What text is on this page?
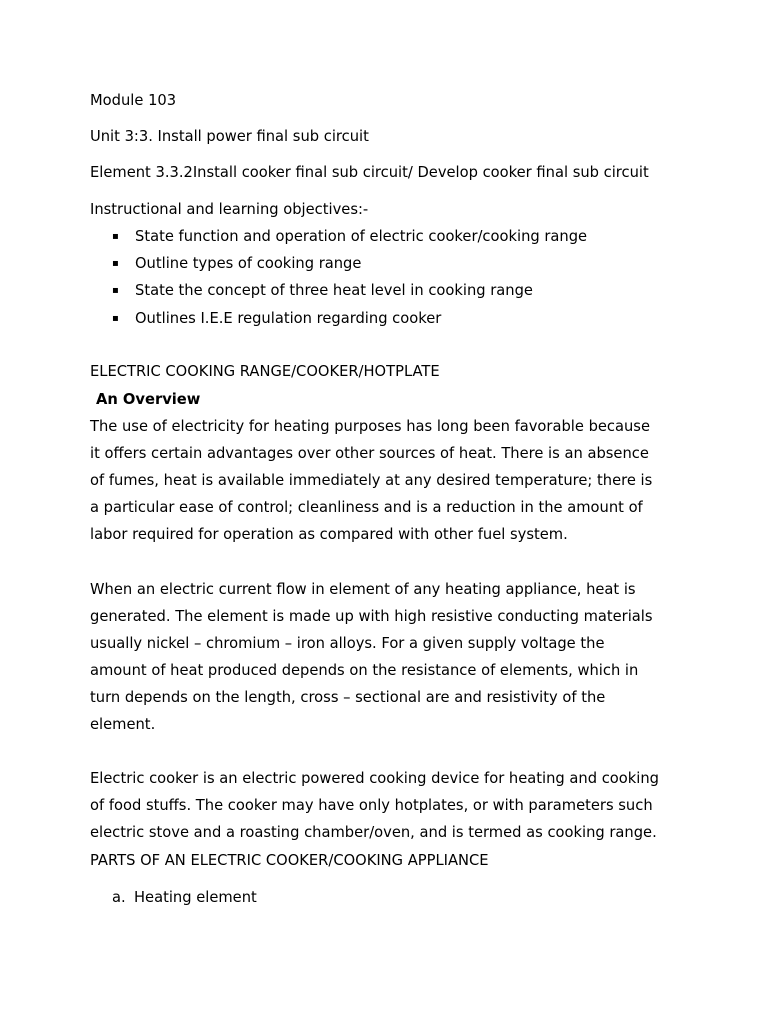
Module 103
Unit 3:3. Install power final sub circuit
Element 3.3.2Install cooker final sub circuit/ Develop cooker final sub circuit
Instructional and learning objectives:-
▪ State function and operation of electric cooker/cooking range
▪ Outline types of cooking range
▪ State the concept of three heat level in cooking range
▪ Outlines I.E.E regulation regarding cooker
ELECTRIC COOKING RANGE/COOKER/HOTPLATE
An Overview
The use of electricity for heating purposes has long been favorable because
it offers certain advantages over other sources of heat. There is an absence
of fumes, heat is available immediately at any desired temperature; there is
a particular ease of control; cleanliness and is a reduction in the amount of
labor required for operation as compared with other fuel system.
When an electric current flow in element of any heating appliance, heat is
generated. The element is made up with high resistive conducting materials
usually nickel – chromium – iron alloys. For a given supply voltage the
amount of heat produced depends on the resistance of elements, which in
turn depends on the length, cross – sectional are and resistivity of the
element.
Electric cooker is an electric powered cooking device for heating and cooking
of food stuffs. The cooker may have only hotplates, or with parameters such
electric stove and a roasting chamber/oven, and is termed as cooking range.
PARTS OF AN ELECTRIC COOKER/COOKING APPLIANCE
a. Heating element
